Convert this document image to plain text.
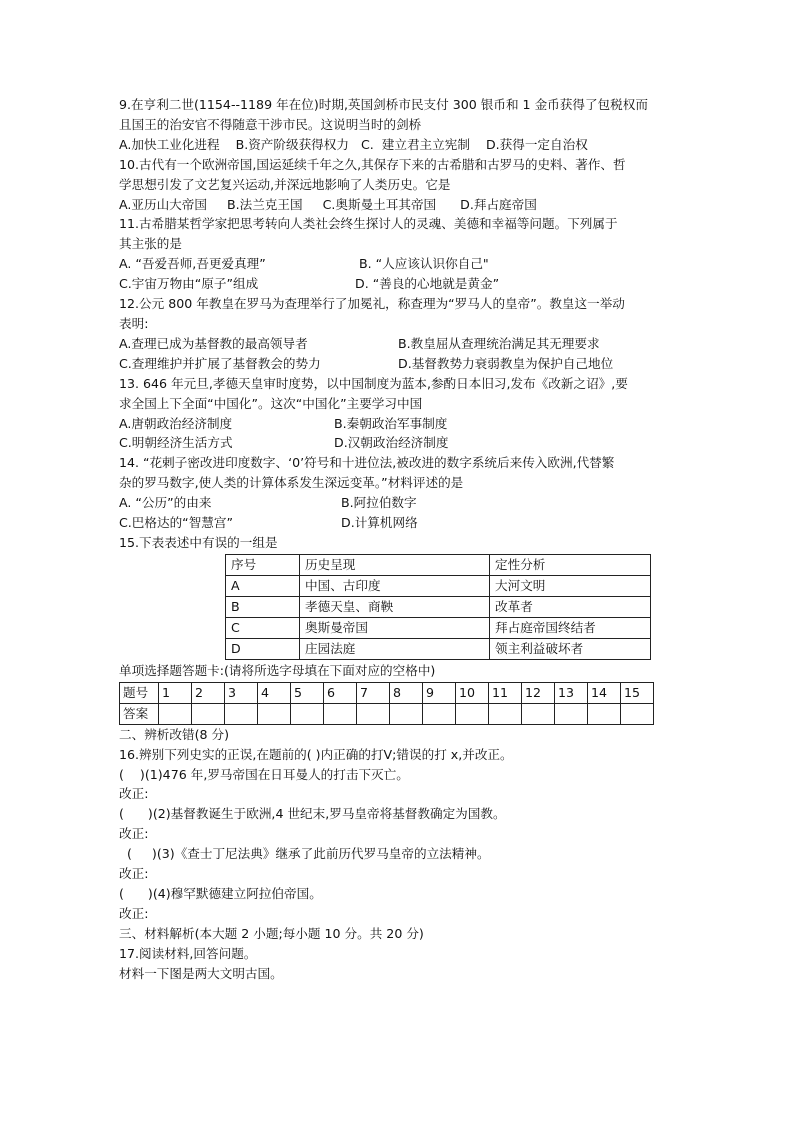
9.在亨利二世(1154--1189 年在位)时期,英国剑桥市民支付 300 银币和 1 金币获得了包税权而
且国王的治安官不得随意干涉市民。这说明当时的剑桥
A.加快工业化进程    B.资产阶级获得权力   C.  建立君主立宪制    D.获得一定自治权
10.古代有一个欧洲帝国,国运延续千年之久,其保存下来的古希腊和古罗马的史料、著作、哲
学思想引发了文艺复兴运动,并深远地影响了人类历史。它是
A.亚历山大帝国     B.法兰克王国     C.奥斯曼土耳其帝国      D.拜占庭帝国
11.古希腊某哲学家把思考转向人类社会终生探讨人的灵魂、美德和幸福等问题。下列属于
其主张的是
A. “吾爱吾师,吾更爱真理”	B. “人应该认识你自己"
C.宇宙万物由“原子”组成	D. “善良的心地就是黄金”
12.公元 800 年教皇在罗马为查理举行了加冕礼，称查理为“罗马人的皇帝”。教皇这一举动
表明:
A.查理已成为基督教的最高领导者	B.教皇屈从查理统治满足其无理要求
C.查理维护并扩展了基督教会的势力	D.基督教势力衰弱教皇为保护自己地位
13. 646 年元旦,孝德天皇审时度势，以中国制度为蓝本,参酌日本旧习,发布《改新之诏》,要
求全国上下全面“中国化”。这次“中国化”主要学习中国
A.唐朝政治经济制度	B.秦朝政治军事制度
C.明朝经济生活方式	D.汉朝政治经济制度
14. “花剌子密改进印度数字、‘0’符号和十进位法,被改进的数字系统后来传入欧洲,代替繁
杂的罗马数字,使人类的计算体系发生深远变革。”材料评述的是
A. “公历”的由来	B.阿拉伯数字
C.巴格达的“智慧宫”	D.计算机网络
15.下表表述中有误的一组是
序号	历史呈现	定性分析
A	中国、古印度	大河文明
B	孝德天皇、商鞅	改革者
C	奥斯曼帝国	拜占庭帝国终结者
D	庄园法庭	领主利益破坏者
单项选择题答题卡:(请将所选字母填在下面对应的空格中)
题号	1	2	3	4	5	6	7	8	9	10	11	12	13	14	15
答案															
二、辨析改错(8 分)
16.辨别下列史实的正误,在题前的( )内正确的打Ⅴ;错误的打 x,并改正。
(    )(1)476 年,罗马帝国在日耳曼人的打击下灭亡。
改正:
(      )(2)基督教诞生于欧洲,4 世纪末,罗马皇帝将基督教确定为国教。
改正:
(     )(3)《查士丁尼法典》继承了此前历代罗马皇帝的立法精神。
改正:
(      )(4)穆罕默德建立阿拉伯帝国。
改正:
三、材料解析(本大题 2 小题;每小题 10 分。共 20 分)
17.阅读材料,回答问题。
材料一下图是两大文明古国。
